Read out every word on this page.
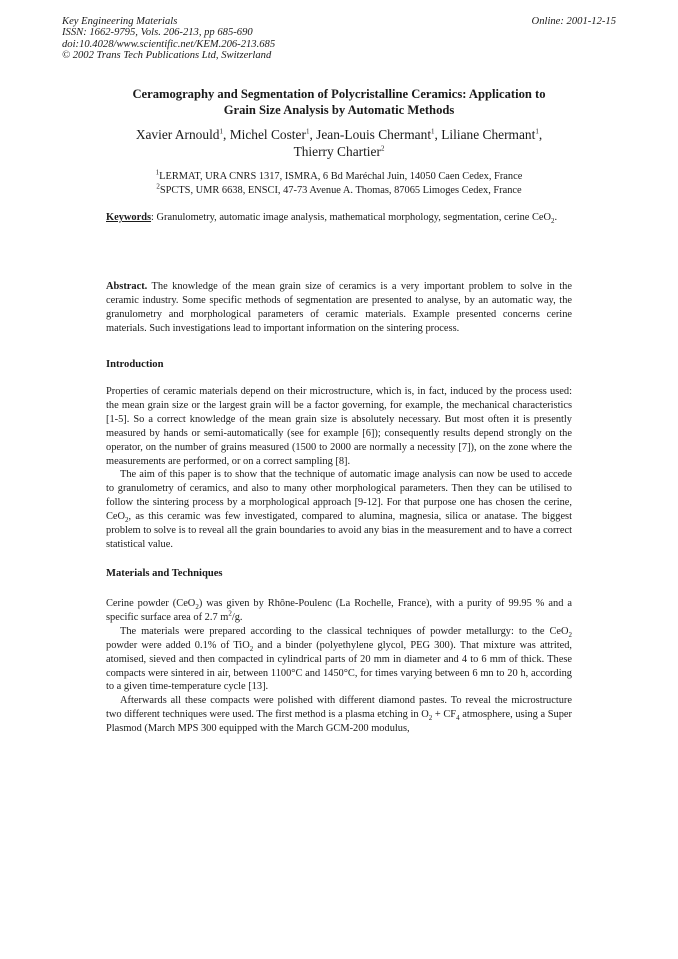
Key Engineering Materials
ISSN: 1662-9795, Vols. 206-213, pp 685-690
doi:10.4028/www.scientific.net/KEM.206-213.685
© 2002 Trans Tech Publications Ltd, Switzerland
Online: 2001-12-15
Ceramography and Segmentation of Polycristalline Ceramics: Application to
Grain Size Analysis by Automatic Methods
Xavier Arnould$^1$, Michel Coster$^1$, Jean-Louis Chermant$^1$, Liliane Chermant$^1$,
Thierry Chartier$^2$
$^1$LERMAT, URA CNRS 1317, ISMRA, 6 Bd Maréchal Juin, 14050 Caen Cedex, France
$^2$SPCTS, UMR 6638, ENSCI, 47-73 Avenue A. Thomas, 87065 Limoges Cedex, France
Keywords: Granulometry, automatic image analysis, mathematical morphology, segmentation, cerine CeO$_2$.
Abstract. The knowledge of the mean grain size of ceramics is a very important problem to solve in the ceramic industry. Some specific methods of segmentation are presented to analyse, by an automatic way, the granulometry and morphological parameters of ceramic materials. Example presented concerns cerine materials. Such investigations lead to important information on the sintering process.
Introduction

Properties of ceramic materials depend on their microstructure, which is, in fact, induced by the process used: the mean grain size or the largest grain will be a factor governing, for example, the mechanical characteristics [1-5]. So a correct knowledge of the mean grain size is absolutely necessary. But most often it is presently measured by hands or semi-automatically (see for example [6]); consequently results depend strongly on the operator, on the number of grains measured (1500 to 2000 are normally a necessity [7]), on the zone where the measurements are performed, or on a correct sampling [8].

The aim of this paper is to show that the technique of automatic image analysis can now be used to accede to granulometry of ceramics, and also to many other morphological parameters. Then they can be utilised to follow the sintering process by a morphological approach [9-12]. For that purpose one has chosen the cerine, CeO$_2$, as this ceramic was few investigated, compared to alumina, magnesia, silica or anatase. The biggest problem to solve is to reveal all the grain boundaries to avoid any bias in the measurement and to have a correct statistical value.

Materials and Techniques

Cerine powder (CeO$_2$) was given by Rhône-Poulenc (La Rochelle, France), with a purity of 99.95 % and a specific surface area of 2.7 $m^2/g$.

The materials were prepared according to the classical techniques of powder metallurgy: to the CeO$_2$ powder were added 0.1% of TiO$_2$ and a binder (polyethylene glycol, PEG 300). That mixture was attrited, atomised, sieved and then compacted in cylindrical parts of 20 mm in diameter and 4 to 6 mm of thick. These compacts were sintered in air, between 1100°C and 1450°C, for times varying between 6 mn to 20 h, according to a given time-temperature cycle [13].

Afterwards all these compacts were polished with different diamond pastes. To reveal the microstructure two different techniques were used. The first method is a plasma etching in $O_2 + CF_4$ atmosphere, using a Super Plasmod (March MPS 300 equipped with the March GCM-200 modulus,
